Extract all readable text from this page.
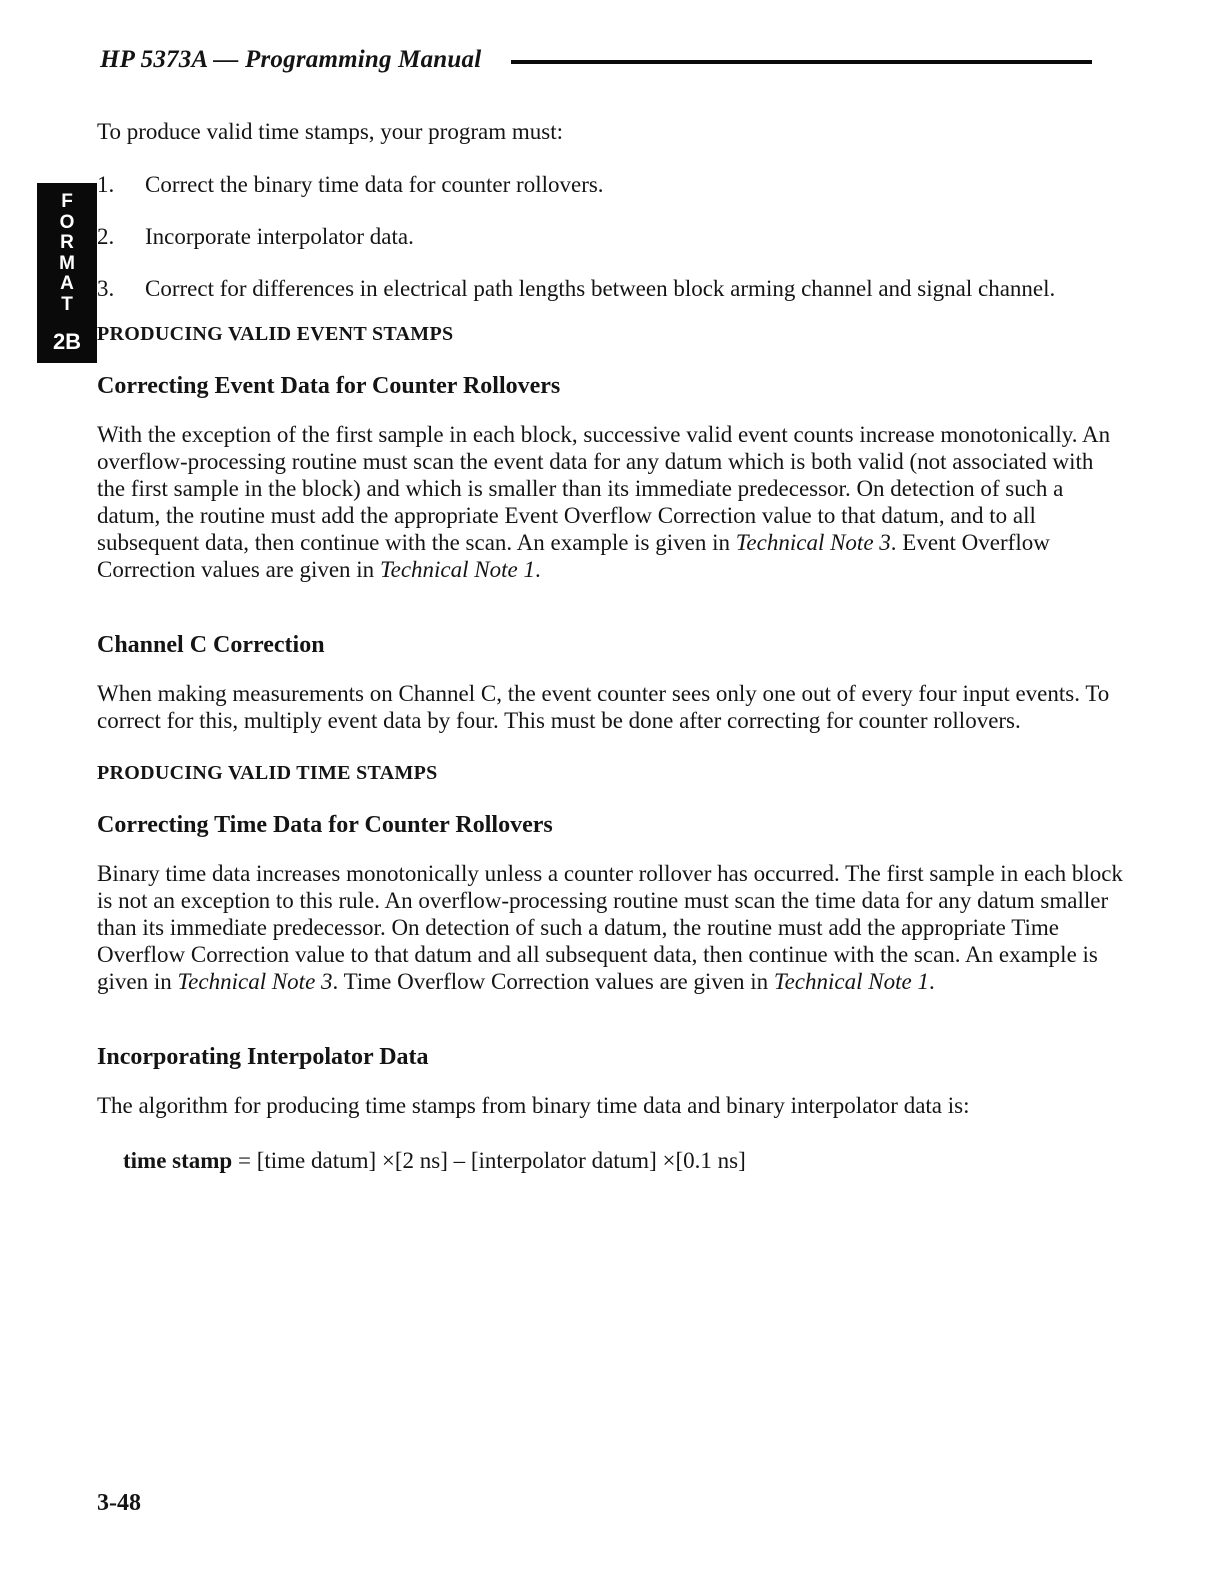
HP 5373A — Programming Manual
F
O
R
M
A
T
2B

To produce valid time stamps, your program must:

1.	Correct the binary time data for counter rollovers.
2.	Incorporate interpolator data.
3.	Correct for differences in electrical path lengths between block arming channel and signal channel.
PRODUCING VALID EVENT STAMPS
Correcting Event Data for Counter Rollovers
With the exception of the first sample in each block, successive valid event counts increase monotonically. An overflow-processing routine must scan the event data for any datum which is both valid (not associated with the first sample in the block) and which is smaller than its immediate predecessor. On detection of such a datum, the routine must add the appropriate Event Overflow Correction value to that datum, and to all subsequent data, then continue with the scan. An example is given in Technical Note 3. Event Overflow Correction values are given in Technical Note 1.
Channel C Correction
When making measurements on Channel C, the event counter sees only one out of every four input events. To correct for this, multiply event data by four. This must be done after correcting for counter rollovers.
PRODUCING VALID TIME STAMPS
Correcting Time Data for Counter Rollovers
Binary time data increases monotonically unless a counter rollover has occurred. The first sample in each block is not an exception to this rule. An overflow-processing routine must scan the time data for any datum smaller than its immediate predecessor. On detection of such a datum, the routine must add the appropriate Time Overflow Correction value to that datum and all subsequent data, then continue with the scan. An example is given in Technical Note 3. Time Overflow Correction values are given in Technical Note 1.
Incorporating Interpolator Data
The algorithm for producing time stamps from binary time data and binary interpolator data is:
time stamp = [time datum] ×[2 ns] – [interpolator datum] ×[0.1 ns]
3-48
